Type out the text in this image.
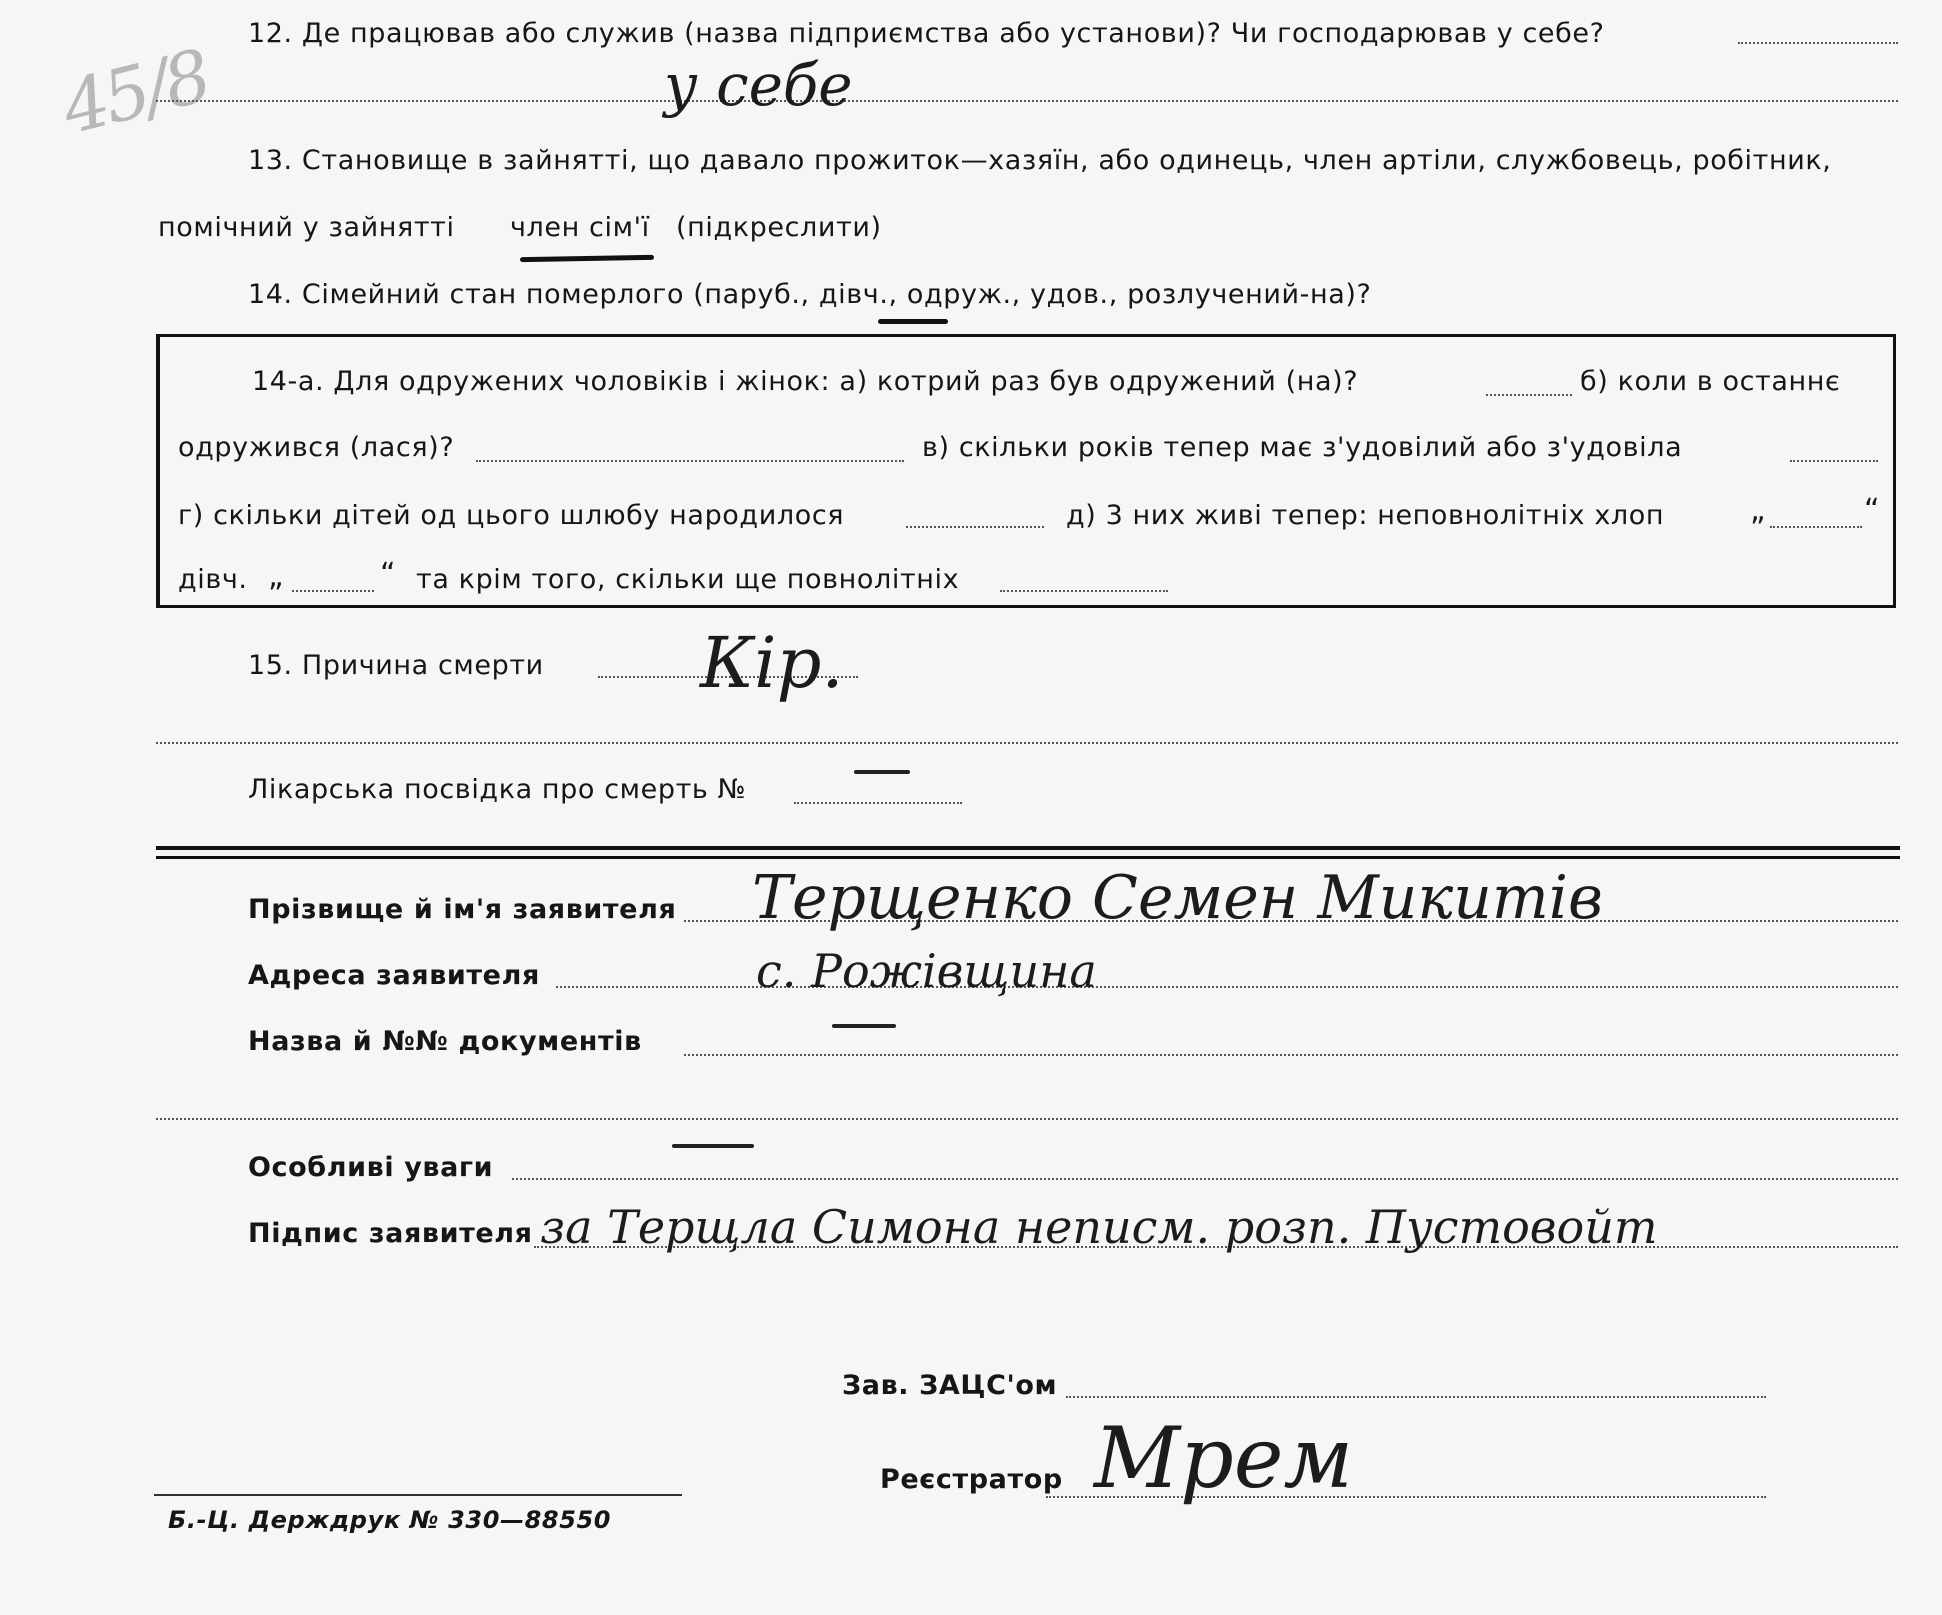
45/8
12. Де працював або служив (назва підприємства або установи)? Чи господарював у себе?
у себе
13. Становище в зайнятті, що давало прожиток—хазяїн, або одинець, член артіли, службовець, робітник,
помічний у зайнятті член сім'ї (підкреслити)
14. Сімейний стан померлого (паруб., дівч., одруж., удов., розлучений-на)?
14-а. Для одружених чоловіків і жінок: а) котрий раз був одружений (на)?	б) коли в останнє
одружився (лася)?	в) скільки років тепер має з'удовілий або з'удовіла
г) скільки дітей од цього шлюбу народилося	д) 3 них живі тепер: неповнолітніх хлоп	„	“
дівч. „	“ та крім того, скільки ще повнолітніх
15. Причина смерти Кір.
Лікарська посвідка про смерть №
Прізвище й ім'я заявителя Терщенко Семен Микитів
Адреса заявителя	с. Рожівщина
Назва й №№ документів
Особливі уваги
Підпис заявителя за Терщла Симона неписм. розп. Пустовойт
Зав. ЗАЦС'ом
Реєстратор Мрем
Б.-Ц. Держдрук № 330—88550
